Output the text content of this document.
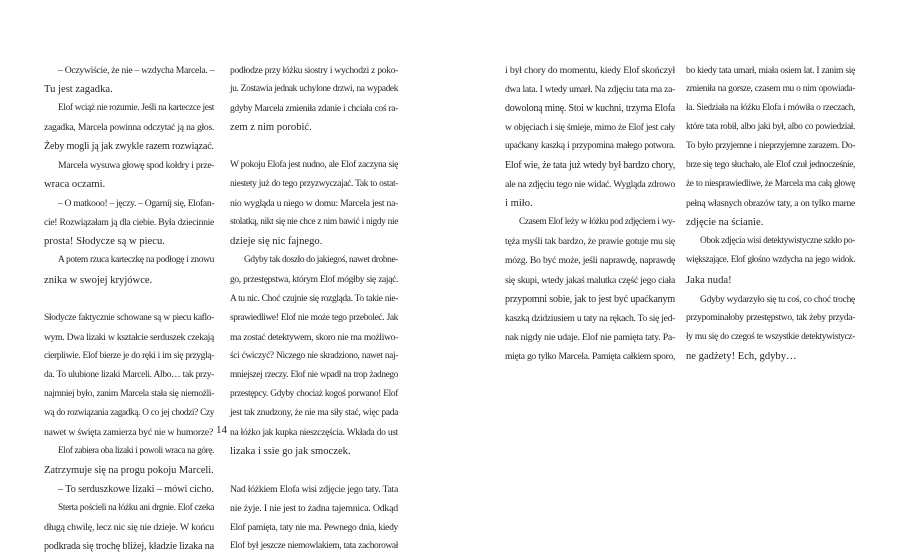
– Oczywiście, że nie – wzdycha Marcela. –
Tu jest zagadka.
Elof wciąż nie rozumie. Jeśli na karteczce jest
zagadka, Marcela powinna odczytać ją na głos.
Żeby mogli ją jak zwykle razem rozwiązać.
Marcela wysuwa głowę spod kołdry i prze-
wraca oczami.
– O matkooo! – jęczy. – Ogarnij się, Elofan-
cie! Rozwiązałam ją dla ciebie. Była dziecinnie
prosta! Słodycze są w piecu.
A potem rzuca karteczkę na podłogę i znowu
znika w swojej kryjówce.
Słodycze faktycznie schowane są w piecu kaflo-
wym. Dwa lizaki w kształcie serduszek czekają
cierpliwie. Elof bierze je do ręki i im się przyglą-
da. To ulubione lizaki Marceli. Albo… tak przy-
najmniej było, zanim Marcela stała się niemożli-
wą do rozwiązania zagadką. O co jej chodzi? Czy
nawet w święta zamierza być nie w humorze?
Elof zabiera oba lizaki i powoli wraca na górę.
Zatrzymuje się na progu pokoju Marceli.
– To serduszkowe lizaki – mówi cicho.
Sterta pościeli na łóżku ani drgnie. Elof czeka
długą chwilę, lecz nic się nie dzieje. W końcu
podkrada się trochę bliżej, kładzie lizaka na
podłodze przy łóżku siostry i wychodzi z poko-
ju. Zostawia jednak uchylone drzwi, na wypadek
gdyby Marcela zmieniła zdanie i chciała coś ra-
zem z nim porobić.
W pokoju Elofa jest nudno, ale Elof zaczyna się
niestety już do tego przyzwyczajać. Tak to ostat-
nio wygląda u niego w domu: Marcela jest na-
stolatką, nikt się nie chce z nim bawić i nigdy nie
dzieje się nic fajnego.
Gdyby tak doszło do jakiegoś, nawet drobne-
go, przestępstwa, którym Elof mógłby się zająć.
A tu nic. Choć czujnie się rozgląda. To takie nie-
sprawiedliwe! Elof nie może tego przeboleć. Jak
ma zostać detektywem, skoro nie ma możliwo-
ści ćwiczyć? Niczego nie skradziono, nawet naj-
mniejszej rzeczy. Elof nie wpadł na trop żadnego
przestępcy. Gdyby chociaż kogoś porwano! Elof
jest tak znudzony, że nie ma siły stać, więc pada
na łóżko jak kupka nieszczęścia. Wkłada do ust
lizaka i ssie go jak smoczek.
Nad łóżkiem Elofa wisi zdjęcie jego taty. Tata
nie żyje. I nie jest to żadna tajemnica. Odkąd
Elof pamięta, taty nie ma. Pewnego dnia, kiedy
Elof był jeszcze niemowlakiem, tata zachorował
14
i był chory do momentu, kiedy Elof skończył
dwa lata. I wtedy umarł. Na zdjęciu tata ma za-
dowoloną minę. Stoi w kuchni, trzyma Elofa
w objęciach i się śmieje, mimo że Elof jest cały
upaćkany kaszką i przypomina małego potwora.
Elof wie, że tata już wtedy był bardzo chory,
ale na zdjęciu tego nie widać. Wygląda zdrowo
i miło.
Czasem Elof leży w łóżku pod zdjęciem i wy-
tęża myśli tak bardzo, że prawie gotuje mu się
mózg. Bo być może, jeśli naprawdę, naprawdę
się skupi, wtedy jakaś malutka część jego ciała
przypomni sobie, jak to jest być upaćkanym
kaszką dzidziusiem u taty na rękach. To się jed-
nak nigdy nie udaje. Elof nie pamięta taty. Pa-
mięta go tylko Marcela. Pamięta całkiem sporo,
bo kiedy tata umarł, miała osiem lat. I zanim się
zmieniła na gorsze, czasem mu o nim opowiada-
ła. Siedziała na łóżku Elofa i mówiła o rzeczach,
które tata robił, albo jaki był, albo co powiedział.
To było przyjemne i nieprzyjemne zarazem. Do-
brze się tego słuchało, ale Elof czuł jednocześnie,
że to niesprawiedliwe, że Marcela ma całą głowę
pełną własnych obrazów taty, a on tylko marne
zdjęcie na ścianie.
Obok zdjęcia wisi detektywistyczne szkło po-
większające. Elof głośno wzdycha na jego widok.
Jaka nuda!
Gdyby wydarzyło się tu coś, co choć trochę
przypominałoby przestępstwo, tak żeby przyda-
ły mu się do czegoś te wszystkie detektywistycz-
ne gadżety! Ech, gdyby…
